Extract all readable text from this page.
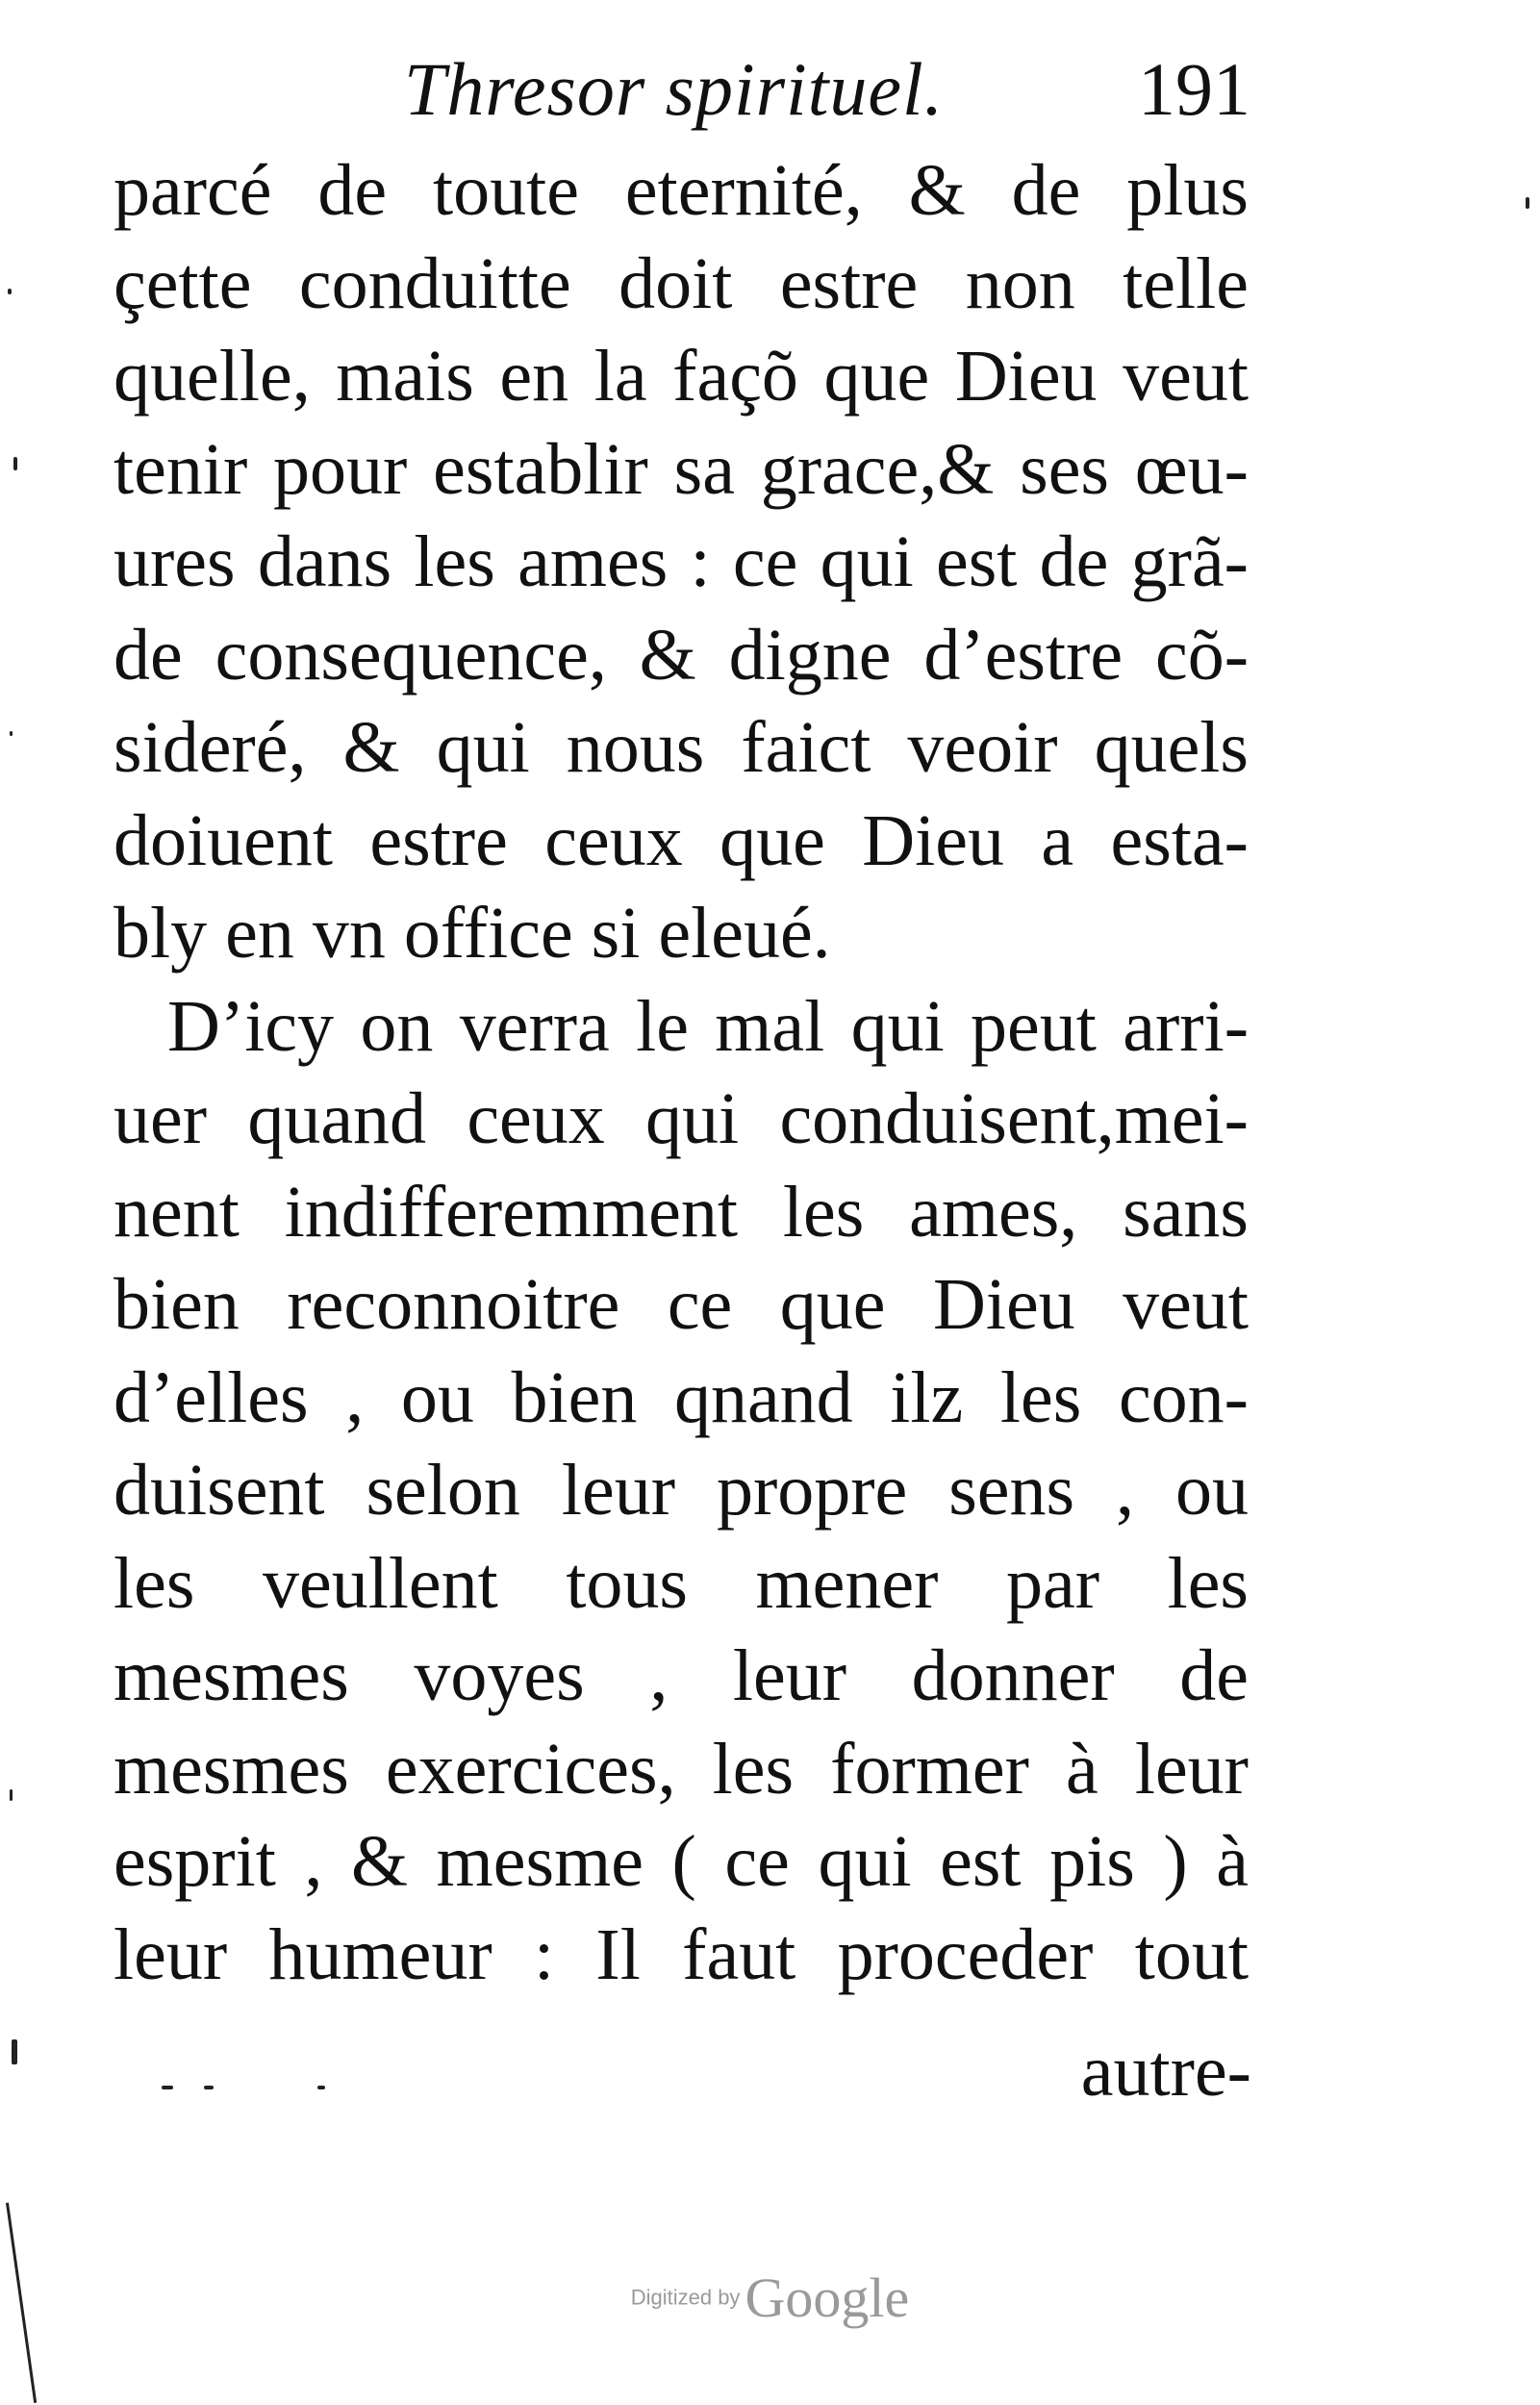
Thresor spirituel.	191
parcé de toute eternité, & de plus
çette conduitte doit estre non telle
quelle, mais en la façõ que Dieu veut
tenir pour establir sa grace,& ses œu-
ures dans les ames : ce qui est de grã-
de consequence, & digne d’estre cõ-
sideré, & qui nous faict veoir quels
doiuent estre ceux que Dieu a esta-
bly en vn office si eleué.
D’icy on verra le mal qui peut arri-
uer quand ceux qui conduisent,mei-
nent indifferemment les ames, sans
bien reconnoitre ce que Dieu veut
d’elles , ou bien qnand ilz les con-
duisent selon leur propre sens , ou
les veullent tous mener par les
mesmes voyes , leur donner de
mesmes exercices, les former à leur
esprit , & mesme ( ce qui est pis ) à
leur humeur : Il faut proceder tout
autre-
Digitized by Google
